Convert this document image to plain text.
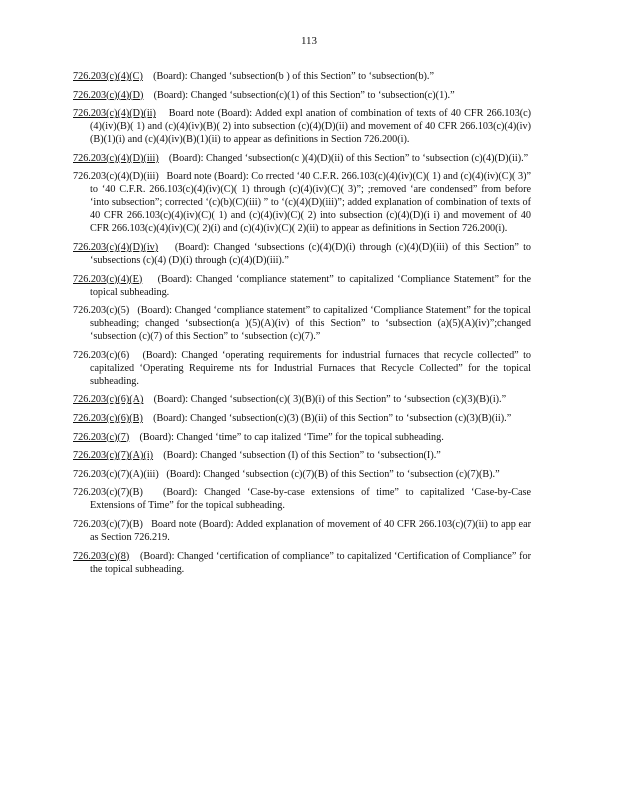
113

726.203(c)(4)(C) (Board): Changed ‘subsection(b ) of this Section” to ‘subsection(b).”

726.203(c)(4)(D) (Board): Changed ‘subsection(c)(1) of this Section” to ‘subsection(c)(1).”

726.203(c)(4)(D)(ii) Board note (Board): Added expl anation of combination of texts of 40 CFR 266.103(c)(4)(iv)(B)( 1) and (c)(4)(iv)(B)( 2) into subsection (c)(4)(D)(ii) and movement of 40 CFR 266.103(c)(4)(iv)(B)(1)(i) and (c)(4)(iv)(B)(1)(ii) to appear as definitions in Section 726.200(i).

726.203(c)(4)(D)(iii) (Board): Changed ‘subsection(c )(4)(D)(ii) of this Section” to ‘subsection (c)(4)(D)(ii).”

726.203(c)(4)(D)(iii) Board note (Board): Co rrected ‘40 C.F.R. 266.103(c)(4)(iv)(C)( 1) and (c)(4)(iv)(C)( 3)” to ‘40 C.F.R. 266.103(c)(4)(iv)(C)( 1) through (c)(4)(iv)(C)( 3)”; ;removed ‘are condensed” from before ‘into subsection”; corrected ‘(c)(b)(C)(iii) ” to ‘(c)(4)(D)(iii)”; added explanation of combination of texts of 40 CFR 266.103(c)(4)(iv)(C)( 1) and (c)(4)(iv)(C)( 2) into subsection (c)(4)(D)(i i) and movement of 40 CFR 266.103(c)(4)(iv)(C)( 2)(i) and (c)(4)(iv)(C)( 2)(ii) to appear as definitions in Section 726.200(i).

726.203(c)(4)(D)(iv) (Board): Changed ‘subsections (c)(4)(D)(i) through (c)(4)(D)(iii) of this Section” to ‘subsections (c)(4) (D)(i) through (c)(4)(D)(iii).”

726.203(c)(4)(E) (Board): Changed ‘compliance statement” to capitalized ‘Compliance Statement” for the topical subheading.

726.203(c)(5) (Board): Changed ‘compliance statement” to capitalized ‘Compliance Statement” for the topical subheading; changed ‘subsection(a )(5)(A)(iv) of this Section” to ‘subsection (a)(5)(A)(iv)”;changed ‘subsection (c)(7) of this Section” to ‘subsection (c)(7).”

726.203(c)(6) (Board): Changed ‘operating requirements for industrial furnaces that recycle collected” to capitalized ‘Operating Requireme nts for Industrial Furnaces that Recycle Collected” for the topical subheading.

726.203(c)(6)(A) (Board): Changed ‘subsection(c)( 3)(B)(i) of this Section” to ‘subsection (c)(3)(B)(i).”

726.203(c)(6)(B) (Board): Changed ‘subsection(c)(3) (B)(ii) of this Section” to ‘subsection (c)(3)(B)(ii).”

726.203(c)(7) (Board): Changed ‘time” to cap italized ‘Time” for the topical subheading.

726.203(c)(7)(A)(i) (Board): Changed ‘subsection (I) of this Section” to ‘subsection(I).”

726.203(c)(7)(A)(iii) (Board): Changed ‘subsection (c)(7)(B) of this Section” to ‘subsection (c)(7)(B).”

726.203(c)(7)(B) (Board): Changed ‘Case-by-case extensions of time” to capitalized ‘Case-by-Case Extensions of Time” for the topical subheading.

726.203(c)(7)(B) Board note (Board): Added explanation of movement of 40 CFR 266.103(c)(7)(ii) to app ear as Section 726.219.

726.203(c)(8) (Board): Changed ‘certification of compliance” to capitalized ‘Certification of Compliance” for the topical subheading.
